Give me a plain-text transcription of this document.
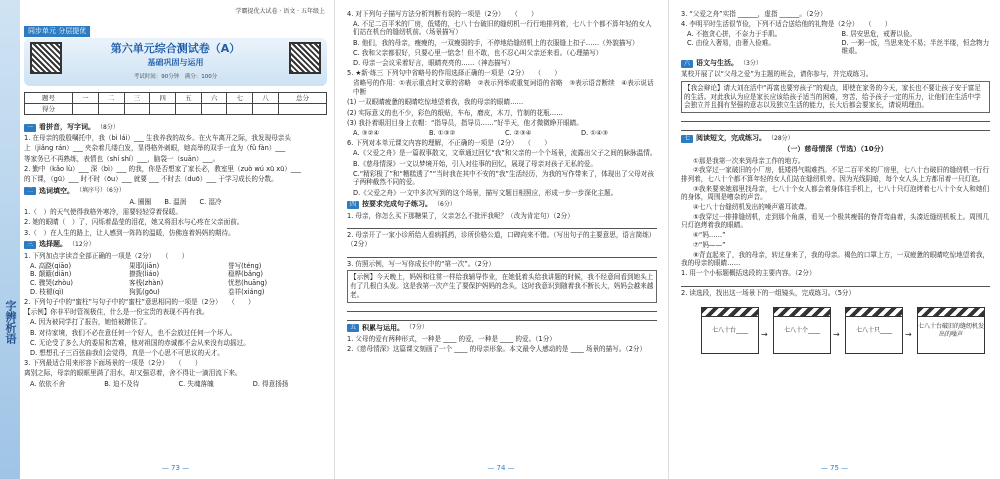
字辨析语
同步单元 分层提优
学霸提优大试卷 · 语文 · 五年级上
第六单元综合测试卷（A）
基础巩固与运用
考试时间：90分钟　满分：100分
题号	一	二	三	四	五	六	七	八	总分
得分									
一 看拼音，写字词。 （8分）
1. 在母亲的殷殷嘱托中，我（bì lái）___ 生我养我的故乡。在火车离开之际，我发现母亲头
上（jiǎng rán）___ 夹杂着几缕白发，显得格外刺眼，她高举的双手一直为（fǔ fàn）___
等家务已不再熟练，表情也（shí shí）___，脑袋一（suān）___。
2. 勤中（kǎo lù）___ 深（bì）___ 的我，你是否想家了家长必，教室里（zuò wú xū xū）___
的下课，（gū）___ 时不时（ōu）___ 就要 ___ 不时去（duō）___ 于学习成长的分数。
二 选词填空。 （填序号）（6分）
A. 圈圈　　B. 温润　　C. 湿冷
1.（　）的天气使得我格外寒冷，需要轻轻穿着保暖。
2. 她的眼睛（　）了，闪烁着晶莹的泪花，她又将泪水与心疼在父亲面前。
3.（　）在人生的路上，让人感到一阵阵的温暖，仿佛连着妈妈的期待。
三 选择题。 （12分）
1. 下列加点字读音全部正确的一项是（2分）　　（　　）
A. 高跷(qiāo)	果耶(jiān)	誉写(téng)
B. 颠簸(diān)	撩拨(liáo)	稳桦(bǎng)
C. 骤哭(zhòu)	客栈(zhàn)	忧愁(huāng)
D. 枝褪(qì)	狗狐(gōu)	卷祥(xiáng)
2. 下列句子中的“蜜柱”与句子中的“蜜柱”意思相同的一项是（2分）　　（　　）
【示例】你非平时管视极住，什么是一份宝贵的表现不再有我。
A. 因为被同学打了报告，她怕被蹭住了。
B. 对待家境，我们不必在意任何一个好人，也不会放过任何一个坏人。
C. 无论受了多么大的委屈和苦难，他对祖国的赤诚都不会从来没有动摇过。
D. 想想孔子三百弦曲我们会觉得，真是一个心思不可思议的天才。
3. 下列最适合用来形容下面场景的一项是（2分）　　（　　）
离别之际，母亲的眼眶里满了泪水，却又强忍着，舍不得让一滴泪流下来。
A. 依依不舍	B. 迫不及待	C. 失魂落魄	D. 得意扬扬
— 73 —
4. 对下列句子描写方法分析判断有误的一项是（2分）　　（　　）
A. 不足二百平米的厂房，低矮的，七八十台破旧的缝纫机一行行地排列着，七八十个都不算年轻的女人们站在机台的缝纫机前。（场景描写）
B. 他们，我的母亲，瘦瘦的，一双瘦弱的手，不停地给缝纫机上的衣服缝上扣子……（外貌描写）
C. 我和父亲都很好，只要心里一惦念！但不敢，也不忍心叫父亲还来看。（心理描写）
D. 母亲一会议采着好言，眼睛亮亮的……（神态描写）
5. ★新·练三 下列句中省略号的作用选择正确的一项是（2分）　　（　　）
省略号的作用：①表示重点时文章的省略　②表示列举或重复词语的省略　③表示语音断续　④表示说话中断
(1) 一双眼睛疲惫的眼睛吃惊地望着我，我的母亲的眼睛……
(2) 实际意义的也不少，彩色的纸贴，车布，磨皮，木刀，竹制的花瓶……
(3) 我扑着眼泪目身上衣帽：“指导员，指导员……”好半天，他才微微睁开眼睛。
A. ③②④	B. ①③②	C. ②③④	D. ①④③
6. 下列对本单元课文内容的理解，不正确的一项是（2分）　　（　　）
A.《父爱之舟》是一篇叙事散文，文章通过回忆“我”和父亲的一个个场景，流露出父子之间的脉脉温情。
B.《慈母情深》一文以梦境开始，引入对往事的回忆，展现了母亲对孩子无私的爱。
C.“精彩极了”和“糟糕透了”“当时我在其中不安的”我”生活经历，为我的写作带来了，体现出了父母对孩子两种截然不同的爱。
D.《父爱之舟》一文中多次写到的这个场景，描写文题目相照应，形成一步一步深化主题。
四 按要求完成句子练习。 （6分）
1. 母亲，你怎么买下那糖果了，父亲怎么不批评我呢？（改为肯定句）（2分）
2. 母亲开了一家小诊所给人看病抓药，诊所价格公道，口碑向来不错。（写出句子的主要意思，语言简练）（2分）
3. 仿照示例，写一写你成长中的“第一次”。（2分）
【示例】今天晚上，妈妈和往常一样给我辅导作业，在她低着头给我讲题的时候，我不经意间看到她头上有了几根白头发。这是我第一次产生了要保护妈妈的念头，这时我意识到随着我不断长大，妈妈会越来越老。
五 积累与运用。 （7分）
1. 父母的爱有两种形式，一种是 ____ 的爱，一种是 ____ 的爱。（1分）
2.《慈母情深》这篇课文刻画了一个 ____ 的母亲形象。本文最令人感动的是 ____ 场景的描写。（2分）
— 74 —
3. “父爱之舟”实指 ______，虚指 ______。（2分）
4. 李明平时生活很节俭，下列不适合送给他的礼物是（2分）　　（　　）
A. 不抱贪心拼，不奈力于手肌。	B. 居安思危，戒奢以俭。
C. 由俭入奢易，由奢入俭难。	D. 一粥一饭，当思来处不易；半丝半缕，恒念物力维艰。
六 语文与生活。 （3分）
某校开展了以“父母之爱”为主题的班会，请你参与，并完成练习。
【我会辩论】请大刘在活中“再富也要穷孩子”的观点，即使在家务的今天，家长也不要让孩子安于富足的生活。对此我认为应是家长应该给孩子适当的困难，穷苦，给予孩子一定的压力，让他们在生活中学会独立并且拥有坚强的意志以及独立生活的能力，长大后都会要家长，请说明理由。
七 阅读短文，完成练习。 （28分）
（一）慈母情深（节选）（10分）
①那是我第一次来到母亲工作的地方。
②我穿过一家破旧的小厂房，低矮得气喘难挡。不足二百平米的厂房里，七八十台破旧的缝纫机一行行排列着，七八十个都不算年轻的女人们站在缝纫机旁。因为光线阴暗，每个女人头上方都吊着一只灯泡。
③我来要来她那里找母亲，七八十个女人都会着身体往手机上，七八十只灯泡烤着七八十个女人和她们的身体，周围是嘈杂的声音。
④七八十台缝纫机发出的噪声震耳欲聋。
⑤我穿过一排排缝纫机，走到那个角落，看见一个极其瘦弱的脊背弯曲着，头凑近缝纫机板上。周围几只灯泡烤着我的眼睛。
⑥“妈……”
⑦“妈——”
⑧背直起来了，我的母亲，转过身来了，我的母亲。褐色的口罩上方，一双疲惫的眼睛吃惊地望着我，我的母亲的眼睛……
1. 用一个小标题概括选段的主要内容。（2分）
2. 读选段，找出这一场景下的一组镜头，完成练习。（5分）
七八十台____	→	七八十个____	→	七八十只____	→
七八十台破旧的缝纫机发出的噪声
— 75 —
